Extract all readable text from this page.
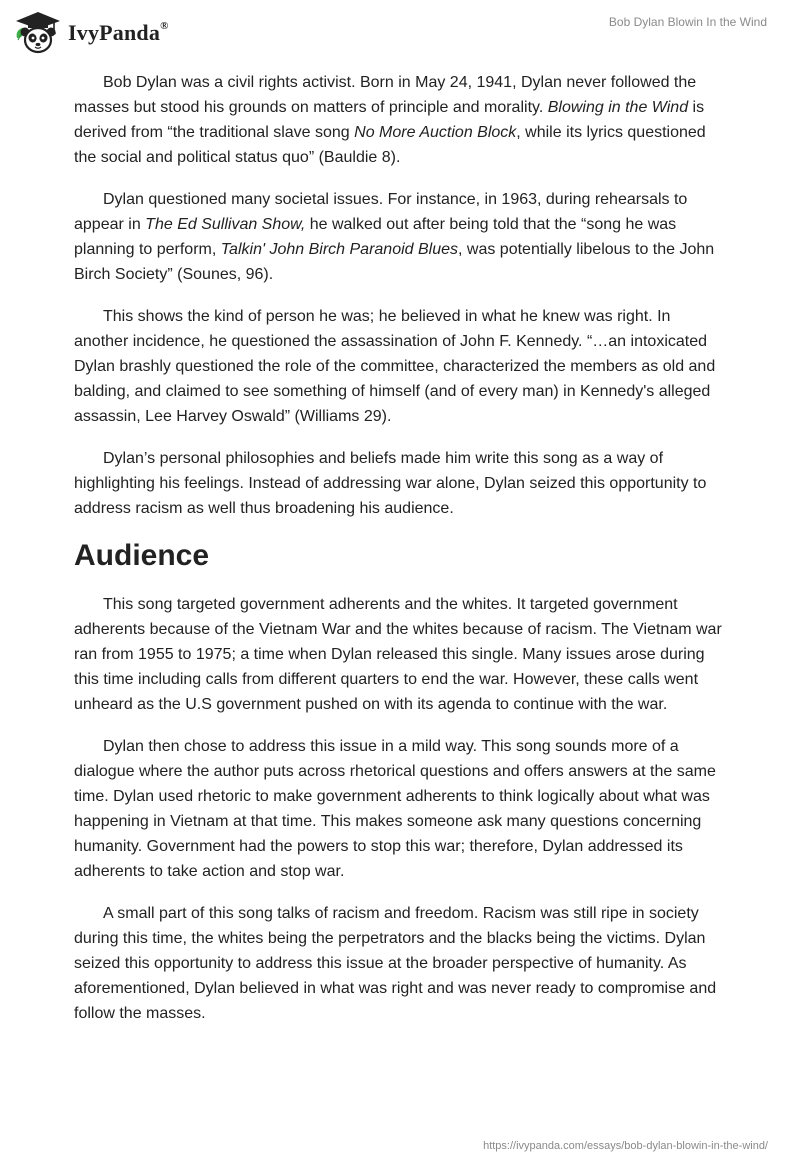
IvyPanda®	Bob Dylan Blowin In the Wind

Bob Dylan was a civil rights activist. Born in May 24, 1941, Dylan never followed the masses but stood his grounds on matters of principle and morality. Blowing in the Wind is derived from “the traditional slave song No More Auction Block, while its lyrics questioned the social and political status quo” (Bauldie 8).

Dylan questioned many societal issues. For instance, in 1963, during rehearsals to appear in The Ed Sullivan Show, he walked out after being told that the “song he was planning to perform, Talkin' John Birch Paranoid Blues, was potentially libelous to the John Birch Society” (Sounes, 96).

This shows the kind of person he was; he believed in what he knew was right. In another incidence, he questioned the assassination of John F. Kennedy. “…an intoxicated Dylan brashly questioned the role of the committee, characterized the members as old and balding, and claimed to see something of himself (and of every man) in Kennedy's alleged assassin, Lee Harvey Oswald” (Williams 29).

Dylan’s personal philosophies and beliefs made him write this song as a way of highlighting his feelings. Instead of addressing war alone, Dylan seized this opportunity to address racism as well thus broadening his audience.

Audience

This song targeted government adherents and the whites. It targeted government adherents because of the Vietnam War and the whites because of racism. The Vietnam war ran from 1955 to 1975; a time when Dylan released this single. Many issues arose during this time including calls from different quarters to end the war. However, these calls went unheard as the U.S government pushed on with its agenda to continue with the war.

Dylan then chose to address this issue in a mild way. This song sounds more of a dialogue where the author puts across rhetorical questions and offers answers at the same time. Dylan used rhetoric to make government adherents to think logically about what was happening in Vietnam at that time. This makes someone ask many questions concerning humanity. Government had the powers to stop this war; therefore, Dylan addressed its adherents to take action and stop war.

A small part of this song talks of racism and freedom. Racism was still ripe in society during this time, the whites being the perpetrators and the blacks being the victims. Dylan seized this opportunity to address this issue at the broader perspective of humanity. As aforementioned, Dylan believed in what was right and was never ready to compromise and follow the masses.

https://ivypanda.com/essays/bob-dylan-blowin-in-the-wind/
